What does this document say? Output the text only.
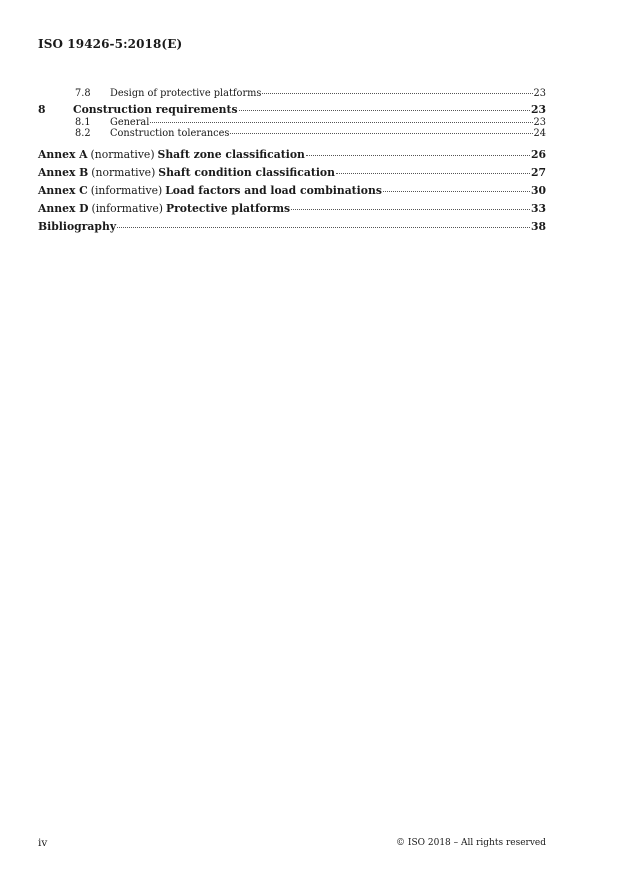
ISO 19426-5:2018(E)
7.8	Design of protective platforms	23
8	Construction requirements	23
8.1	General	23
8.2	Construction tolerances	24
Annex A (normative) Shaft zone classification	26
Annex B (normative) Shaft condition classification	27
Annex C (informative) Load factors and load combinations	30
Annex D (informative) Protective platforms	33
Bibliography	38
iv	© ISO 2018 – All rights reserved
